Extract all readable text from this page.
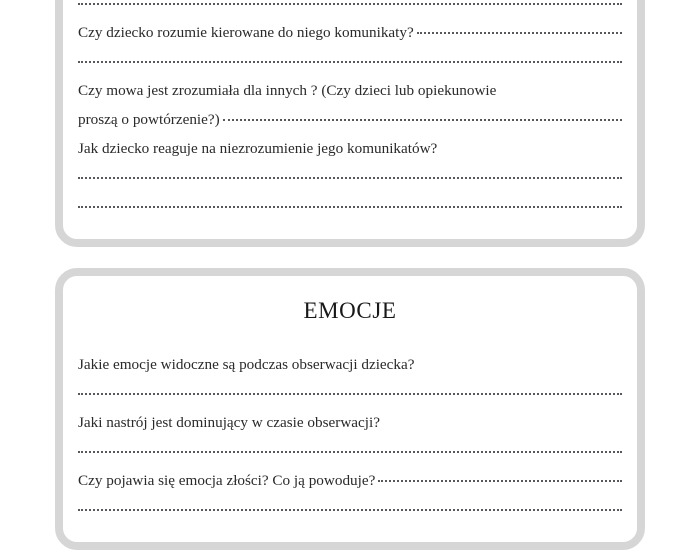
Czy dziecko rozumie kierowane do niego komunikaty?
Czy mowa jest zrozumiała dla innych ? (Czy dzieci lub opiekunowie
proszą o powtórzenie?)
Jak dziecko reaguje na niezrozumienie jego komunikatów?
EMOCJE
Jakie emocje widoczne są podczas obserwacji dziecka?
Jaki nastrój jest dominujący w czasie obserwacji?
Czy pojawia się emocja złości? Co ją powoduje?
